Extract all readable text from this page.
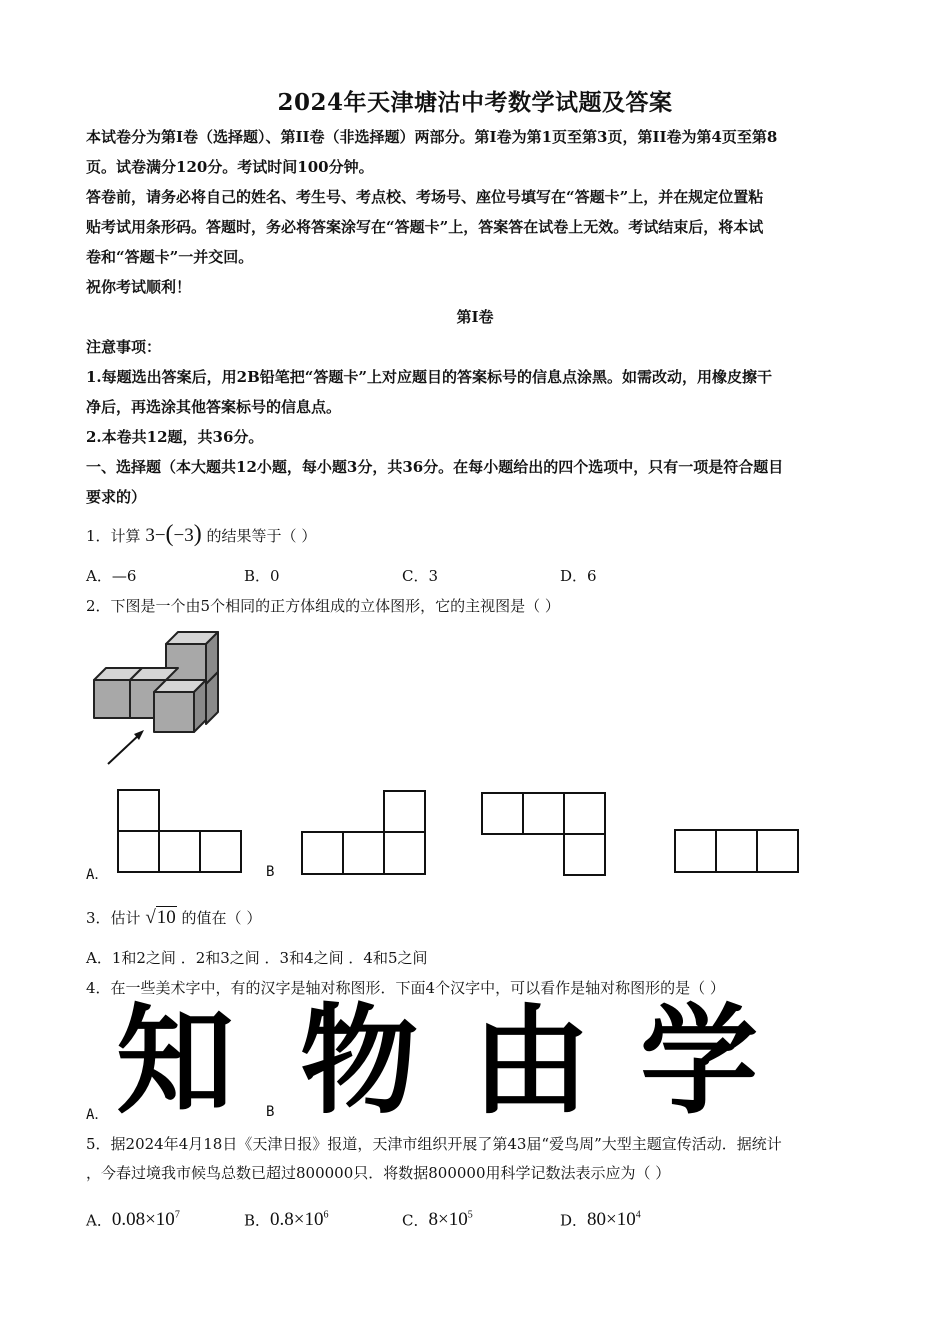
2024年天津塘沽中考数学试题及答案
本试卷分为第I卷（选择题）、第II卷（非选择题）两部分。第I卷为第1页至第3页，第II卷为第4页至第8
页。试卷满分120分。考试时间100分钟。
答卷前，请务必将自己的姓名、考生号、考点校、考场号、座位号填写在“答题卡”上，并在规定位置粘
贴考试用条形码。答题时，务必将答案涂写在“答题卡”上，答案答在试卷上无效。考试结束后，将本试
卷和“答题卡”一并交回。
祝你考试顺利！
第I卷
注意事项：
1.每题选出答案后，用2B铅笔把“答题卡”上对应题目的答案标号的信息点涂黑。如需改动，用橡皮擦干
净后，再选涂其他答案标号的信息点。
2.本卷共12题，共36分。
一、选择题（本大题共12小题，每小题3分，共36分。在每小题给出的四个选项中，只有一项是符合题目
要求的）
1．计算 3−(−3) 的结果等于（ ）
A．—6	B．0	C．3	D．6
2．下图是一个由5个相同的正方体组成的立体图形，它的主视图是（ ）
A．	B
3．估计 √10 的值在（ ）
A．1和2之间 ．2和3之间 ．3和4之间 ．4和5之间
4．在一些美术字中，有的汉字是轴对称图形．下面4个汉字中，可以看作是轴对称图形的是（ ）
知 物 由 学
A．	B
5．据2024年4月18日《天津日报》报道，天津市组织开展了第43届“爱鸟周”大型主题宣传活动．据统计
，今春过境我市候鸟总数已超过800000只．将数据800000用科学记数法表示应为（ ）
A．$0.08\times 10^7$	B．$0.8\times 10^6$	C．$8\times 10^5$	D．$80\times 10^4$
